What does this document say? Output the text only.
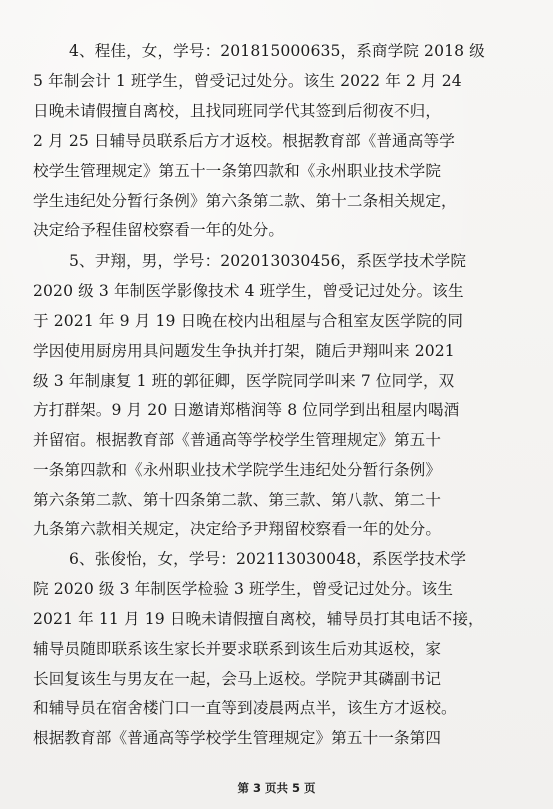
4、程佳，女，学号：201815000635，系商学院 2018 级
5 年制会计 1 班学生，曾受记过处分。该生 2022 年 2 月 24
日晚未请假擅自离校，且找同班同学代其签到后彻夜不归，
2 月 25 日辅导员联系后方才返校。根据教育部《普通高等学
校学生管理规定》第五十一条第四款和《永州职业技术学院
学生违纪处分暂行条例》第六条第二款、第十二条相关规定，
决定给予程佳留校察看一年的处分。
5、尹翔，男，学号：202013030456，系医学技术学院
2020 级 3 年制医学影像技术 4 班学生，曾受记过处分。该生
于 2021 年 9 月 19 日晚在校内出租屋与合租室友医学院的同
学因使用厨房用具问题发生争执并打架，随后尹翔叫来 2021
级 3 年制康复 1 班的郭征卿，医学院同学叫来 7 位同学，双
方打群架。9 月 20 日邀请郑楷润等 8 位同学到出租屋内喝酒
并留宿。根据教育部《普通高等学校学生管理规定》第五十
一条第四款和《永州职业技术学院学生违纪处分暂行条例》
第六条第二款、第十四条第二款、第三款、第八款、第二十
九条第六款相关规定，决定给予尹翔留校察看一年的处分。
6、张俊怡，女，学号：202113030048，系医学技术学
院 2020 级 3 年制医学检验 3 班学生，曾受记过处分。该生
2021 年 11 月 19 日晚未请假擅自离校，辅导员打其电话不接，
辅导员随即联系该生家长并要求联系到该生后劝其返校，家
长回复该生与男友在一起，会马上返校。学院尹其磷副书记
和辅导员在宿舍楼门口一直等到凌晨两点半，该生方才返校。
根据教育部《普通高等学校学生管理规定》第五十一条第四
第 3 页共 5 页
